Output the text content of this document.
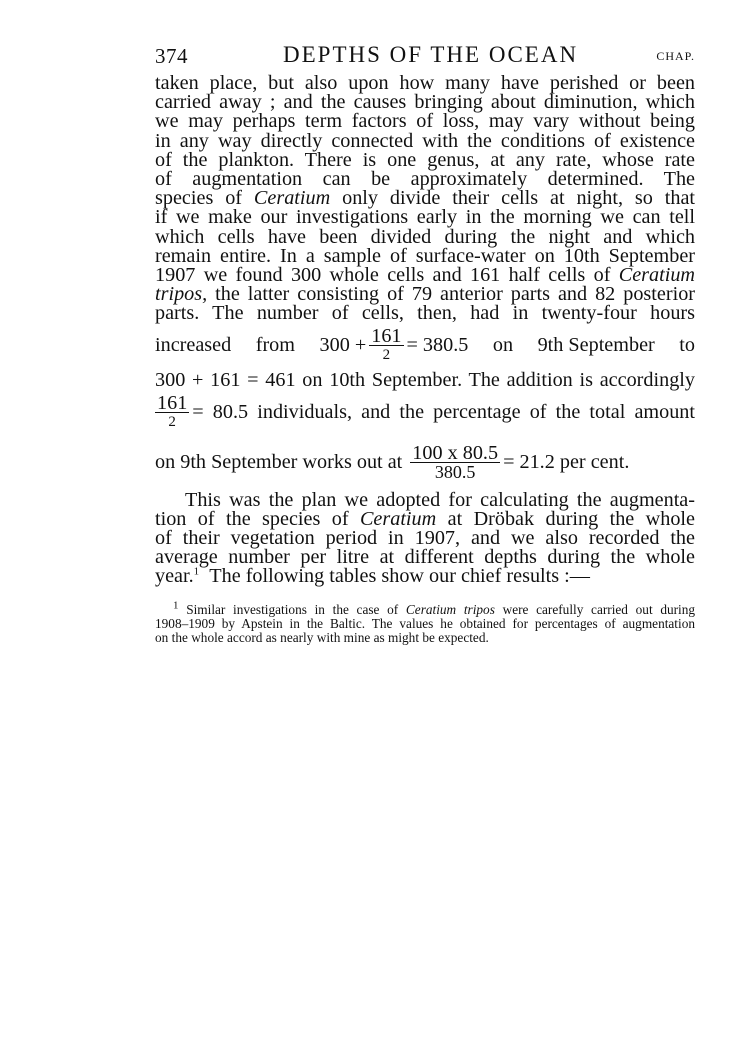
374	DEPTHS OF THE OCEAN	CHAP.
taken place, but also upon how many have perished or been
carried away ; and the causes bringing about diminution, which
we may perhaps term factors of loss, may vary without being
in any way directly connected with the conditions of existence
of the plankton. There is one genus, at any rate, whose rate
of augmentation can be approximately determined. The
species of Ceratium only divide their cells at night, so that
if we make our investigations early in the morning we can tell
which cells have been divided during the night and which
remain entire. In a sample of surface-water on 10th September
1907 we found 300 whole cells and 161 half cells of Ceratium
tripos, the latter consisting of 79 anterior parts and 82 posterior
parts. The number of cells, then, had in twenty-four hours
increased from $300 + \frac{161}{2} = 380.5$ on 9th September to
300 + 161 = 461 on 10th September. The addition is accordingly
$\frac{161}{2} = 80.5$ individuals, and the percentage of the total amount
on 9th September works out at $\frac{100 x 80.5}{380.5} = 21.2$ per cent.
This was the plan we adopted for calculating the augmenta-
tion of the species of Ceratium at Dröbak during the whole
of their vegetation period in 1907, and we also recorded the
average number per litre at different depths during the whole
year.$^1$ The following tables show our chief results :—
$^1$ Similar investigations in the case of Ceratium tripos were carefully carried out during
1908–1909 by Apstein in the Baltic. The values he obtained for percentages of augmentation
on the whole accord as nearly with mine as might be expected.
